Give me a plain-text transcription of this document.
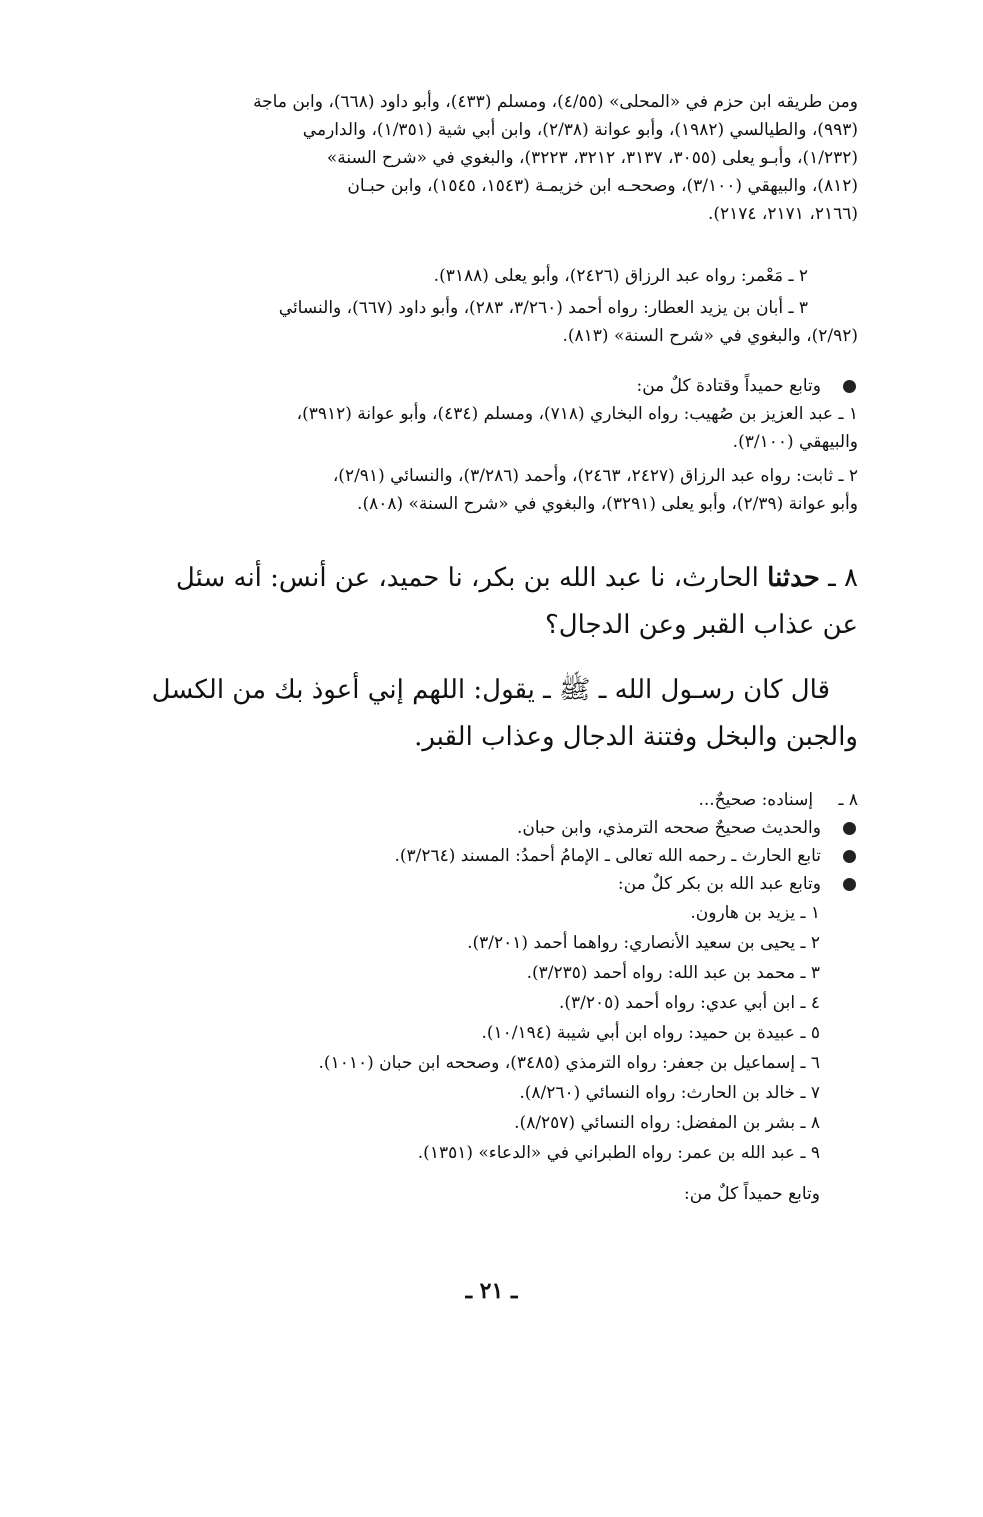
ومن طريقه ابن حزم في «المحلى» (٤/٥٥)، ومسلم (٤٣٣)، وأبو داود (٦٦٨)، وابن ماجة

(٩٩٣)، والطيالسي (١٩٨٢)، وأبو عوانة (٢/٣٨)، وابن أبي شية (١/٣٥١)، والدارمي

(١/٢٣٢)، وأبـو يعلى (٣٠٥٥، ٣١٣٧، ٣٢١٢، ٣٢٢٣)، والبغوي في «شرح السنة»

(٨١٢)، والبيهقي (٣/١٠٠)، وصححـه ابن خزيمـة (١٥٤٣، ١٥٤٥)، وابن حبـان

(٢١٦٦، ٢١٧١، ٢١٧٤).

٢ ـ مَعْمر: رواه عبد الرزاق (٢٤٢٦)، وأبو يعلى (٣١٨٨).

٣ ـ أبان بن يزيد العطار: رواه أحمد (٣/٢٦٠، ٢٨٣)، وأبو داود (٦٦٧)، والنسائي

(٢/٩٢)، والبغوي في «شرح السنة» (٨١٣).

وتابع حميداً وقتادة كلٌ من:

١ ـ عبد العزيز بن صُهيب: رواه البخاري (٧١٨)، ومسلم (٤٣٤)، وأبو عوانة (٣٩١٢)،

والبيهقي (٣/١٠٠).

٢ ـ ثابت: رواه عبد الرزاق (٢٤٢٧، ٢٤٦٣)، وأحمد (٣/٢٨٦)، والنسائي (٢/٩١)،

وأبو عوانة (٢/٣٩)، وأبو يعلى (٣٢٩١)، والبغوي في «شرح السنة» (٨٠٨).

٨ ـ حدثنا الحارث، نا عبد الله بن بكر، نا حميد، عن أنس: أنه سئل

عن عذاب القبر وعن الدجال؟

قال كان رسـول الله ـ ﷺ ـ يقول: اللهم إني أعوذ بك من الكسل

والجبن والبخل وفتنة الدجال وعذاب القبر.

٨ ـ إسناده: صحيحٌ...

والحديث صحيحٌ صححه الترمذي، وابن حبان.
تابع الحارث ـ رحمه الله تعالى ـ الإمامُ أحمدُ: المسند (٣/٢٦٤).
وتابع عبد الله بن بكر كلٌ من:

١ ـ يزيد بن هارون.

٢ ـ يحيى بن سعيد الأنصاري: رواهما أحمد (٣/٢٠١).

٣ ـ محمد بن عبد الله: رواه أحمد (٣/٢٣٥).

٤ ـ ابن أبي عدي: رواه أحمد (٣/٢٠٥).

٥ ـ عبيدة بن حميد: رواه ابن أبي شيبة (١٠/١٩٤).

٦ ـ إسماعيل بن جعفر: رواه الترمذي (٣٤٨٥)، وصححه ابن حبان (١٠١٠).

٧ ـ خالد بن الحارث: رواه النسائي (٨/٢٦٠).

٨ ـ بشر بن المفضل: رواه النسائي (٨/٢٥٧).

٩ ـ عبد الله بن عمر: رواه الطبراني في «الدعاء» (١٣٥١).

وتابع حميداً كلٌ من:

ـ ٢١ ـ
